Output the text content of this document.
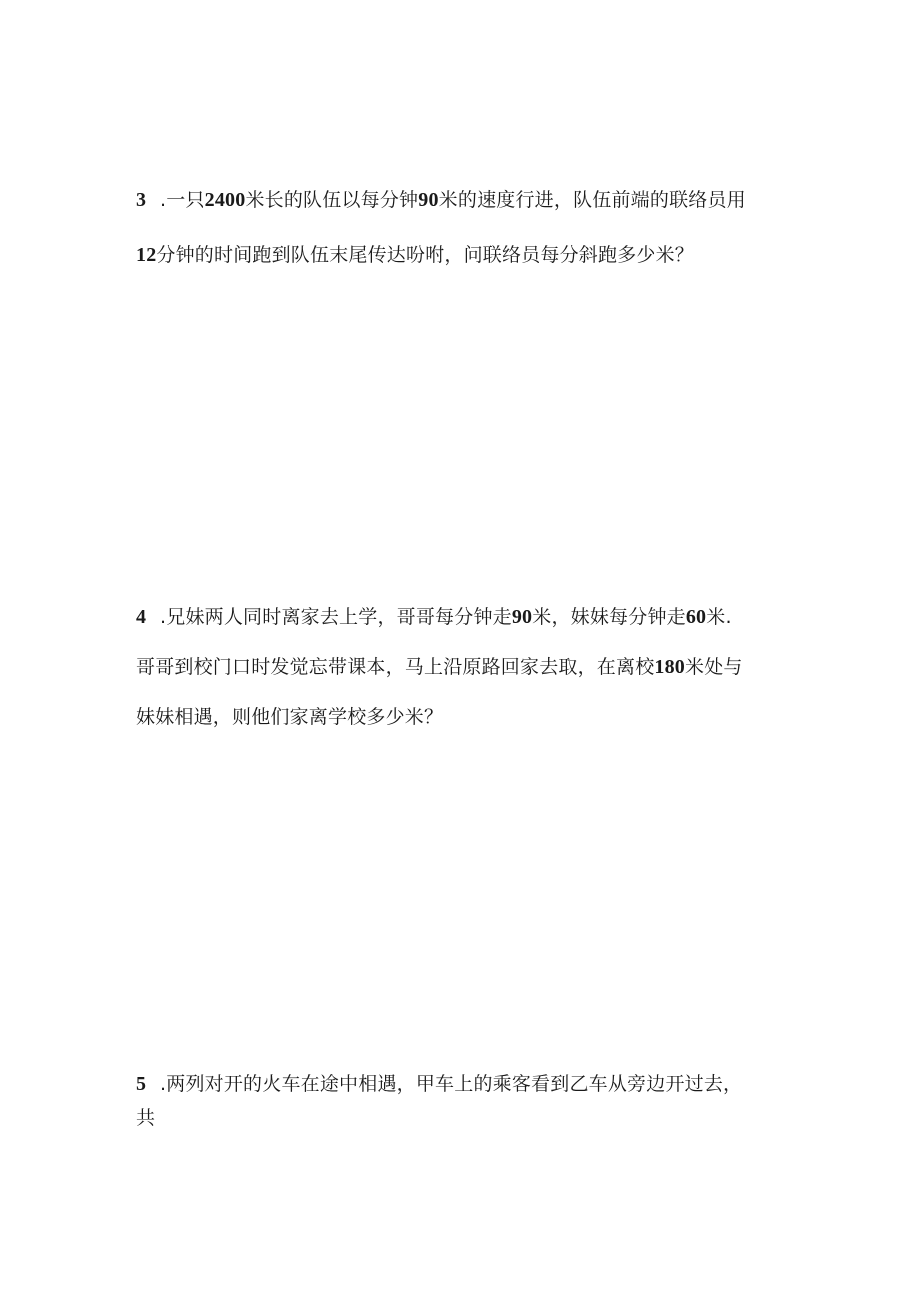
3 .一只2400米长的队伍以每分钟90米的速度行进，队伍前端的联络员用
12分钟的时间跑到队伍末尾传达吩咐，问联络员每分斜跑多少米？
4 .兄妹两人同时离家去上学，哥哥每分钟走90米，妹妹每分钟走60米.
哥哥到校门口时发觉忘带课本，马上沿原路回家去取，在离校180米处与
妹妹相遇，则他们家离学校多少米？
5 .两列对开的火车在途中相遇，甲车上的乘客看到乙车从旁边开过去，
共
